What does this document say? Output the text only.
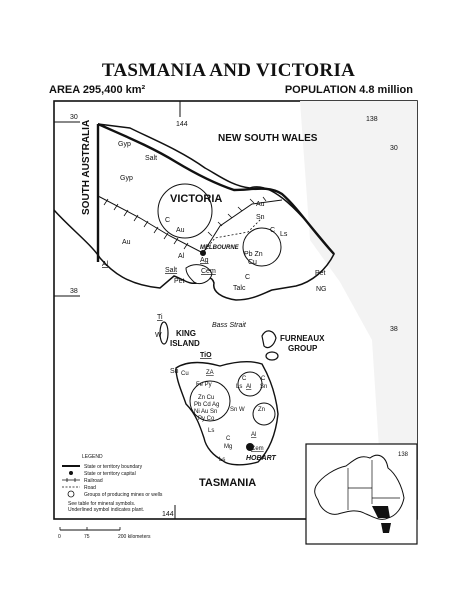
TASMANIA AND VICTORIA
AREA 295,400 km²	POPULATION 4.8 million
144
138
30
30
38
38
144
NEW SOUTH WALES
SOUTH AUSTRALIA	VICTORIA
TASMANIA
KING
ISLAND
FURNEAUX
GROUP
Bass Strait
MELBOURNE
HOBART
Gyp
Salt
Gyp
Au
C
Au
Au
Sn
C
Ls
Pb Zn
Cu
Al
Al
Salt
Ag
Cem
Pet
C
Talc
Pet
NG
Ti
W
TiO
Sn Cu	ZA
Fe Py
C C
Ls Al Sn
Zn Cu
Pb Cd Ag
Ni Au Sn
Py Co
Sn W Zn
Ls
Al
C
Mg	Cem
Ls
LEGEND
State or territory boundary
State or territory capital
Railroad
Road
Groups of producing mines or wells
See table for mineral symbols.
Underlined symbol indicates plant.
0	75	200 kilometers
138
